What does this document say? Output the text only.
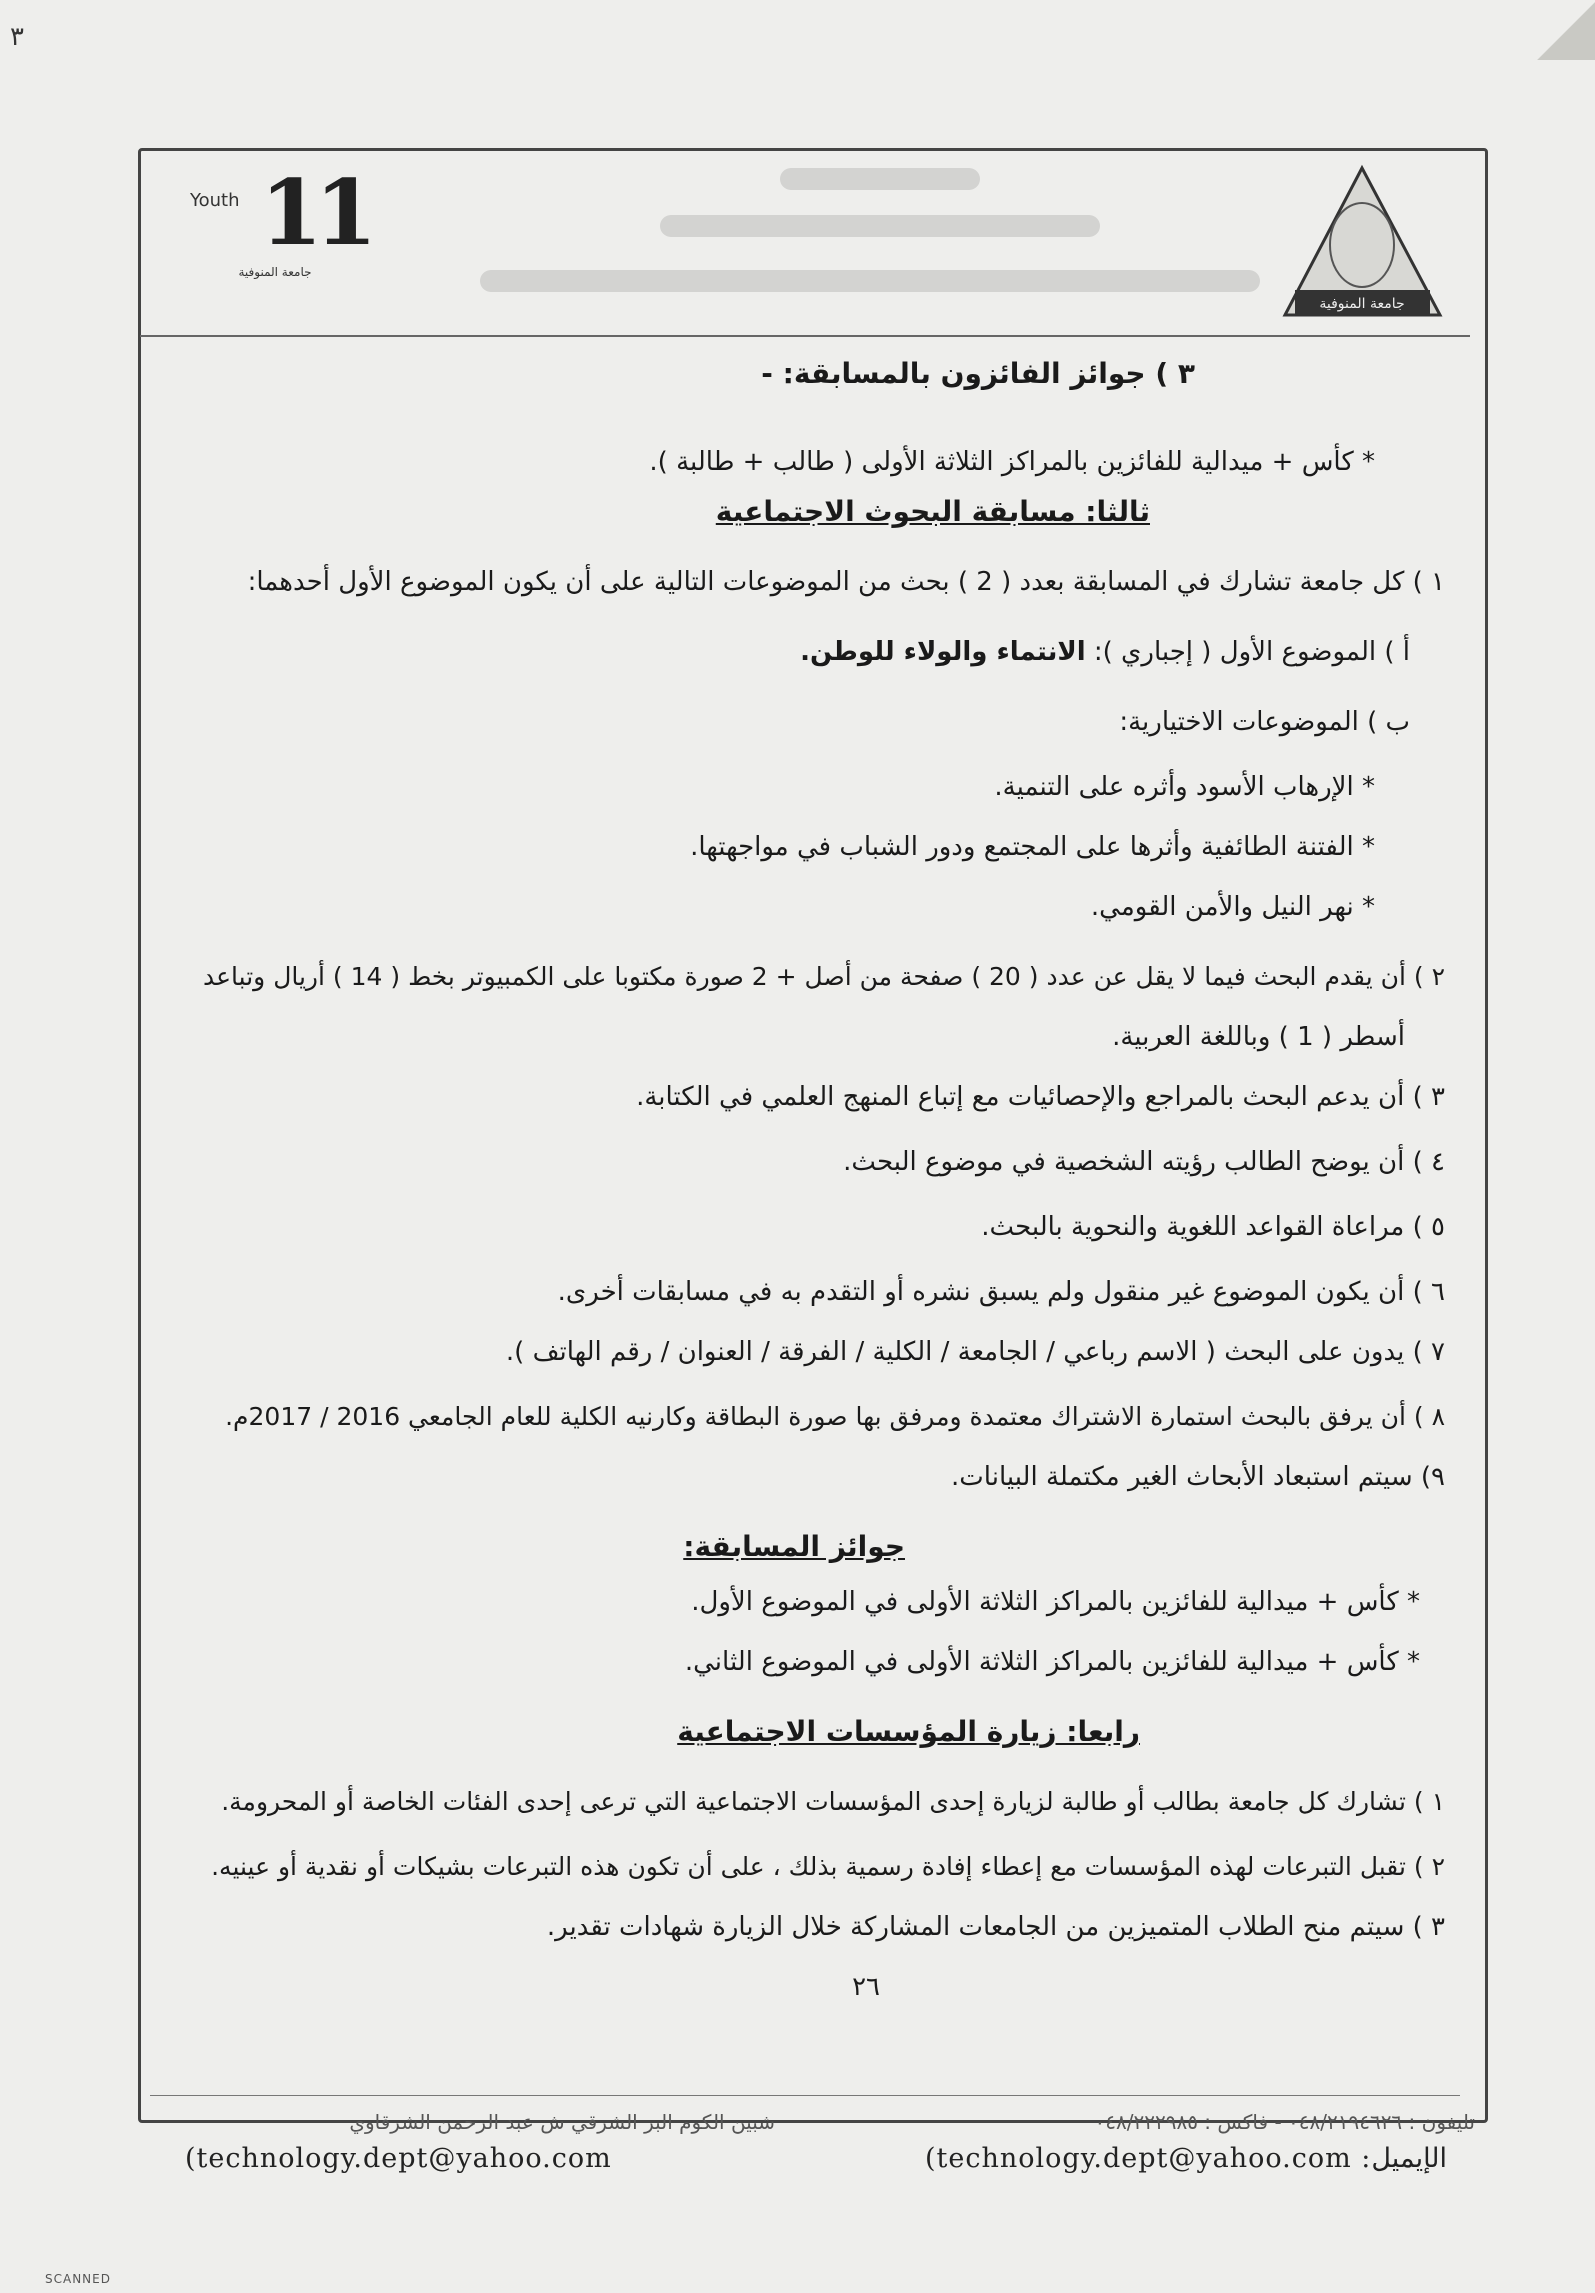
٣
11
Youth
جامعة المنوفية
جامعة المنوفية
٣ ) جوائز الفائزون بالمسابقة: -
* كأس + ميدالية للفائزين بالمراكز الثلاثة الأولى ( طالب + طالبة ).
ثالثا: مسابقة البحوث الاجتماعية
١ ) كل جامعة تشارك في المسابقة بعدد ( 2 ) بحث من الموضوعات التالية على أن يكون الموضوع الأول أحدهما:
أ ) الموضوع الأول ( إجباري ): الانتماء والولاء للوطن.
ب ) الموضوعات الاختيارية:
* الإرهاب الأسود وأثره على التنمية.
* الفتنة الطائفية وأثرها على المجتمع ودور الشباب في مواجهتها.
* نهر النيل والأمن القومي.
٢ ) أن يقدم البحث فيما لا يقل عن عدد ( 20 ) صفحة من أصل + 2 صورة مكتوبا على الكمبيوتر بخط ( 14 ) أريال وتباعد
أسطر ( 1 ) وباللغة العربية.
٣ ) أن يدعم البحث بالمراجع والإحصائيات مع إتباع المنهج العلمي في الكتابة.
٤ ) أن يوضح الطالب رؤيته الشخصية في موضوع البحث.
٥ ) مراعاة القواعد اللغوية والنحوية بالبحث.
٦ ) أن يكون الموضوع غير منقول ولم يسبق نشره أو التقدم به في مسابقات أخرى.
٧ ) يدون على البحث ( الاسم رباعي / الجامعة / الكلية / الفرقة / العنوان / رقم الهاتف ).
٨ ) أن يرفق بالبحث استمارة الاشتراك معتمدة ومرفق بها صورة البطاقة وكارنيه الكلية للعام الجامعي 2016 / 2017م.
٩) سيتم استبعاد الأبحاث الغير مكتملة البيانات.
جوائز المسابقة:
* كأس + ميدالية للفائزين بالمراكز الثلاثة الأولى في الموضوع الأول.
* كأس + ميدالية للفائزين بالمراكز الثلاثة الأولى في الموضوع الثاني.
رابعا: زيارة المؤسسات الاجتماعية
١ ) تشارك كل جامعة بطالب أو طالبة لزيارة إحدى المؤسسات الاجتماعية التي ترعى إحدى الفئات الخاصة أو المحرومة.
٢ ) تقبل التبرعات لهذه المؤسسات مع إعطاء إفادة رسمية بذلك ، على أن تكون هذه التبرعات بشيكات أو نقدية أو عينيه.
٣ ) سيتم منح الطلاب المتميزين من الجامعات المشاركة خلال الزيارة شهادات تقدير.
٢٦
تليفون : ٠٤٨/٢١٩٤٦٢٦ - فاكس : ٠٤٨/٢٢٢٩٨٥
شبين الكوم البر الشرقي ش عبد الرحمن الشرقاوي
(technology.dept@yahoo.com :الإيميل
(technology.dept@yahoo.com
SCANNED
